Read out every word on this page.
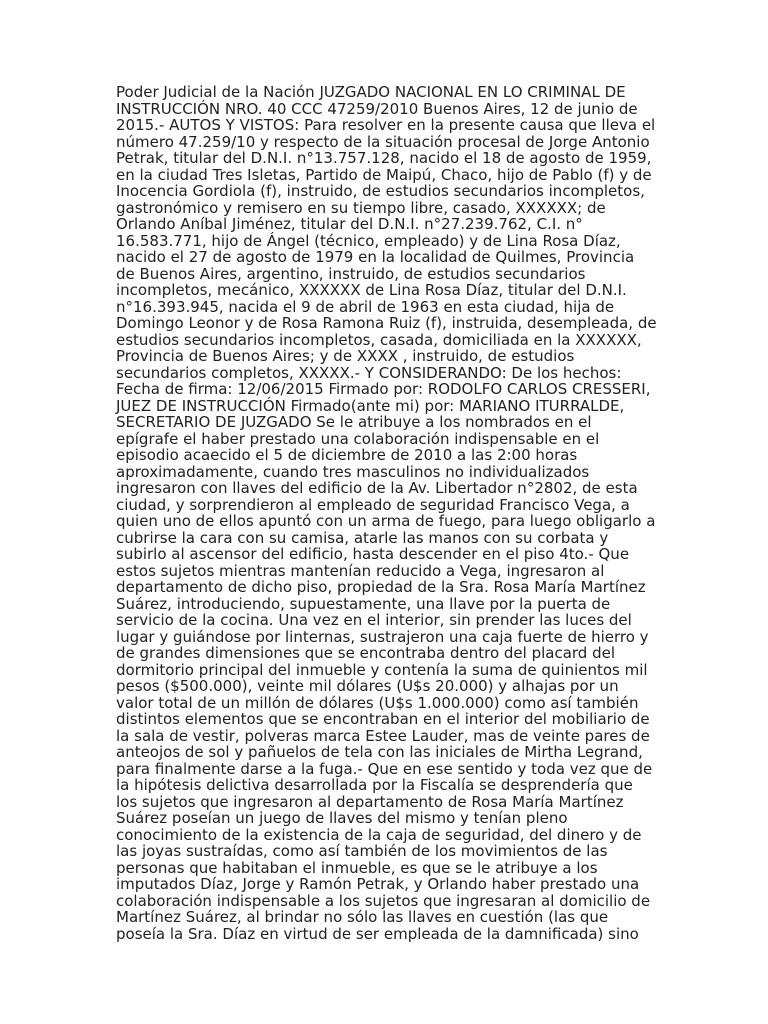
Poder Judicial de la Nación JUZGADO NACIONAL EN LO CRIMINAL DE
INSTRUCCIÓN NRO. 40 CCC 47259/2010 Buenos Aires, 12 de junio de
2015.- AUTOS Y VISTOS: Para resolver en la presente causa que lleva el
número 47.259/10 y respecto de la situación procesal de Jorge Antonio
Petrak, titular del D.N.I. n°13.757.128, nacido el 18 de agosto de 1959,
en la ciudad Tres Isletas, Partido de Maipú, Chaco, hijo de Pablo (f) y de
Inocencia Gordiola (f), instruido, de estudios secundarios incompletos,
gastronómico y remisero en su tiempo libre, casado, XXXXXX; de
Orlando Aníbal Jiménez, titular del D.N.I. n°27.239.762, C.I. n°
16.583.771, hijo de Ángel (técnico, empleado) y de Lina Rosa Díaz,
nacido el 27 de agosto de 1979 en la localidad de Quilmes, Provincia
de Buenos Aires, argentino, instruido, de estudios secundarios
incompletos, mecánico, XXXXXX de Lina Rosa Díaz, titular del D.N.I.
n°16.393.945, nacida el 9 de abril de 1963 en esta ciudad, hija de
Domingo Leonor y de Rosa Ramona Ruiz (f), instruida, desempleada, de
estudios secundarios incompletos, casada, domiciliada en la XXXXXX,
Provincia de Buenos Aires; y de XXXX , instruido, de estudios
secundarios completos, XXXXX.- Y CONSIDERANDO: De los hechos:
Fecha de firma: 12/06/2015 Firmado por: RODOLFO CARLOS CRESSERI,
JUEZ DE INSTRUCCIÓN Firmado(ante mi) por: MARIANO ITURRALDE,
SECRETARIO DE JUZGADO Se le atribuye a los nombrados en el
epígrafe el haber prestado una colaboración indispensable en el
episodio acaecido el 5 de diciembre de 2010 a las 2:00 horas
aproximadamente, cuando tres masculinos no individualizados
ingresaron con llaves del edificio de la Av. Libertador n°2802, de esta
ciudad, y sorprendieron al empleado de seguridad Francisco Vega, a
quien uno de ellos apuntó con un arma de fuego, para luego obligarlo a
cubrirse la cara con su camisa, atarle las manos con su corbata y
subirlo al ascensor del edificio, hasta descender en el piso 4to.- Que
estos sujetos mientras mantenían reducido a Vega, ingresaron al
departamento de dicho piso, propiedad de la Sra. Rosa María Martínez
Suárez, introduciendo, supuestamente, una llave por la puerta de
servicio de la cocina. Una vez en el interior, sin prender las luces del
lugar y guiándose por linternas, sustrajeron una caja fuerte de hierro y
de grandes dimensiones que se encontraba dentro del placard del
dormitorio principal del inmueble y contenía la suma de quinientos mil
pesos ($500.000), veinte mil dólares (U$s 20.000) y alhajas por un
valor total de un millón de dólares (U$s 1.000.000) como así también
distintos elementos que se encontraban en el interior del mobiliario de
la sala de vestir, polveras marca Estee Lauder, mas de veinte pares de
anteojos de sol y pañuelos de tela con las iniciales de Mirtha Legrand,
para finalmente darse a la fuga.- Que en ese sentido y toda vez que de
la hipótesis delictiva desarrollada por la Fiscalía se desprendería que
los sujetos que ingresaron al departamento de Rosa María Martínez
Suárez poseían un juego de llaves del mismo y tenían pleno
conocimiento de la existencia de la caja de seguridad, del dinero y de
las joyas sustraídas, como así también de los movimientos de las
personas que habitaban el inmueble, es que se le atribuye a los
imputados Díaz, Jorge y Ramón Petrak, y Orlando haber prestado una
colaboración indispensable a los sujetos que ingresaran al domicilio de
Martínez Suárez, al brindar no sólo las llaves en cuestión (las que
poseía la Sra. Díaz en virtud de ser empleada de la damnificada) sino
